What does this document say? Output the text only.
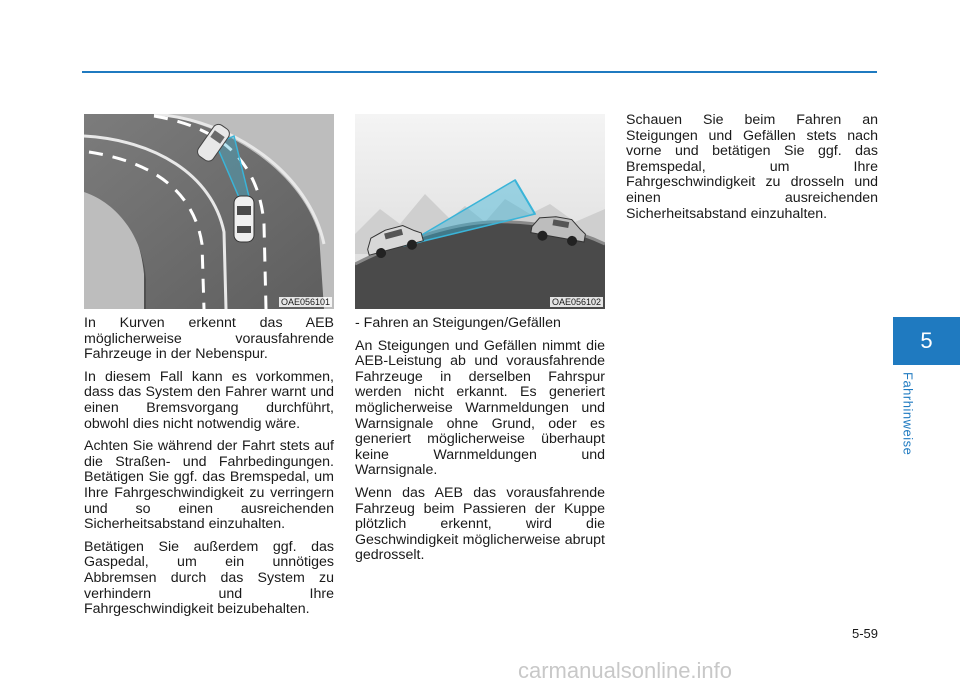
OAE056101	OAE056102

In Kurven erkennt das AEB möglicherweise vorausfahrende Fahrzeuge in der Nebenspur.

In diesem Fall kann es vorkommen, dass das System den Fahrer warnt und einen Bremsvorgang durchführt, obwohl dies nicht notwendig wäre.

Achten Sie während der Fahrt stets auf die Straßen- und Fahrbedingungen. Betätigen Sie ggf. das Bremspedal, um Ihre Fahrgeschwindigkeit zu verringern und so einen ausreichenden Sicherheitsabstand einzuhalten.

Betätigen Sie außerdem ggf. das Gaspedal, um ein unnötiges Abbremsen durch das System zu verhindern und Ihre Fahrgeschwindigkeit beizubehalten.

- Fahren an Steigungen/Gefällen

An Steigungen und Gefällen nimmt die AEB-Leistung ab und vorausfahrende Fahrzeuge in derselben Fahrspur werden nicht erkannt. Es generiert möglicherweise Warnmeldungen und Warnsignale ohne Grund, oder es generiert möglicherweise überhaupt keine Warnmeldungen und Warnsignale.

Wenn das AEB das vorausfahrende Fahrzeug beim Passieren der Kuppe plötzlich erkennt, wird die Geschwindigkeit möglicherweise abrupt gedrosselt.

Schauen Sie beim Fahren an Steigungen und Gefällen stets nach vorne und betätigen Sie ggf. das Bremspedal, um Ihre Fahrgeschwindigkeit zu drosseln und einen ausreichenden Sicherheitsabstand einzuhalten.

5
Fahrhinweise
5-59
carmanualsonline.info
